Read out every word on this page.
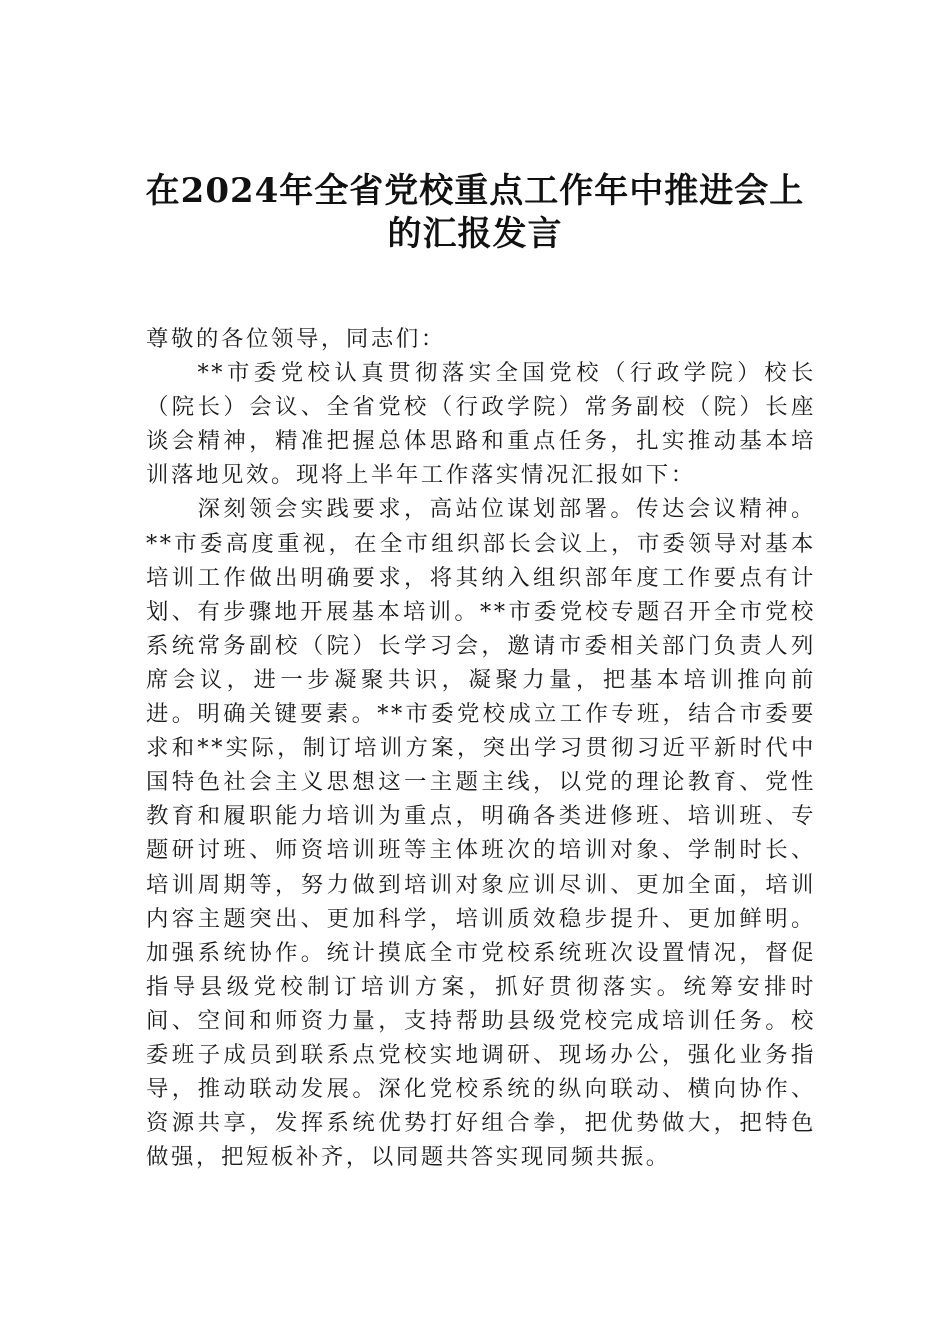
在2024年全省党校重点工作年中推进会上
的汇报发言

尊敬的各位领导，同志们：

**市委党校认真贯彻落实全国党校（行政学院）校长（院长）会议、全省党校（行政学院）常务副校（院）长座谈会精神，精准把握总体思路和重点任务，扎实推动基本培训落地见效。现将上半年工作落实情况汇报如下：

深刻领会实践要求，高站位谋划部署。传达会议精神。**市委高度重视，在全市组织部长会议上，市委领导对基本培训工作做出明确要求，将其纳入组织部年度工作要点有计划、有步骤地开展基本培训。**市委党校专题召开全市党校系统常务副校（院）长学习会，邀请市委相关部门负责人列席会议，进一步凝聚共识，凝聚力量，把基本培训推向前进。明确关键要素。**市委党校成立工作专班，结合市委要求和**实际，制订培训方案，突出学习贯彻习近平新时代中国特色社会主义思想这一主题主线，以党的理论教育、党性教育和履职能力培训为重点，明确各类进修班、培训班、专题研讨班、师资培训班等主体班次的培训对象、学制时长、培训周期等，努力做到培训对象应训尽训、更加全面，培训内容主题突出、更加科学，培训质效稳步提升、更加鲜明。加强系统协作。统计摸底全市党校系统班次设置情况，督促指导县级党校制订培训方案，抓好贯彻落实。统筹安排时间、空间和师资力量，支持帮助县级党校完成培训任务。校委班子成员到联系点党校实地调研、现场办公，强化业务指导，推动联动发展。深化党校系统的纵向联动、横向协作、资源共享，发挥系统优势打好组合拳，把优势做大，把特色做强，把短板补齐，以同题共答实现同频共振。
